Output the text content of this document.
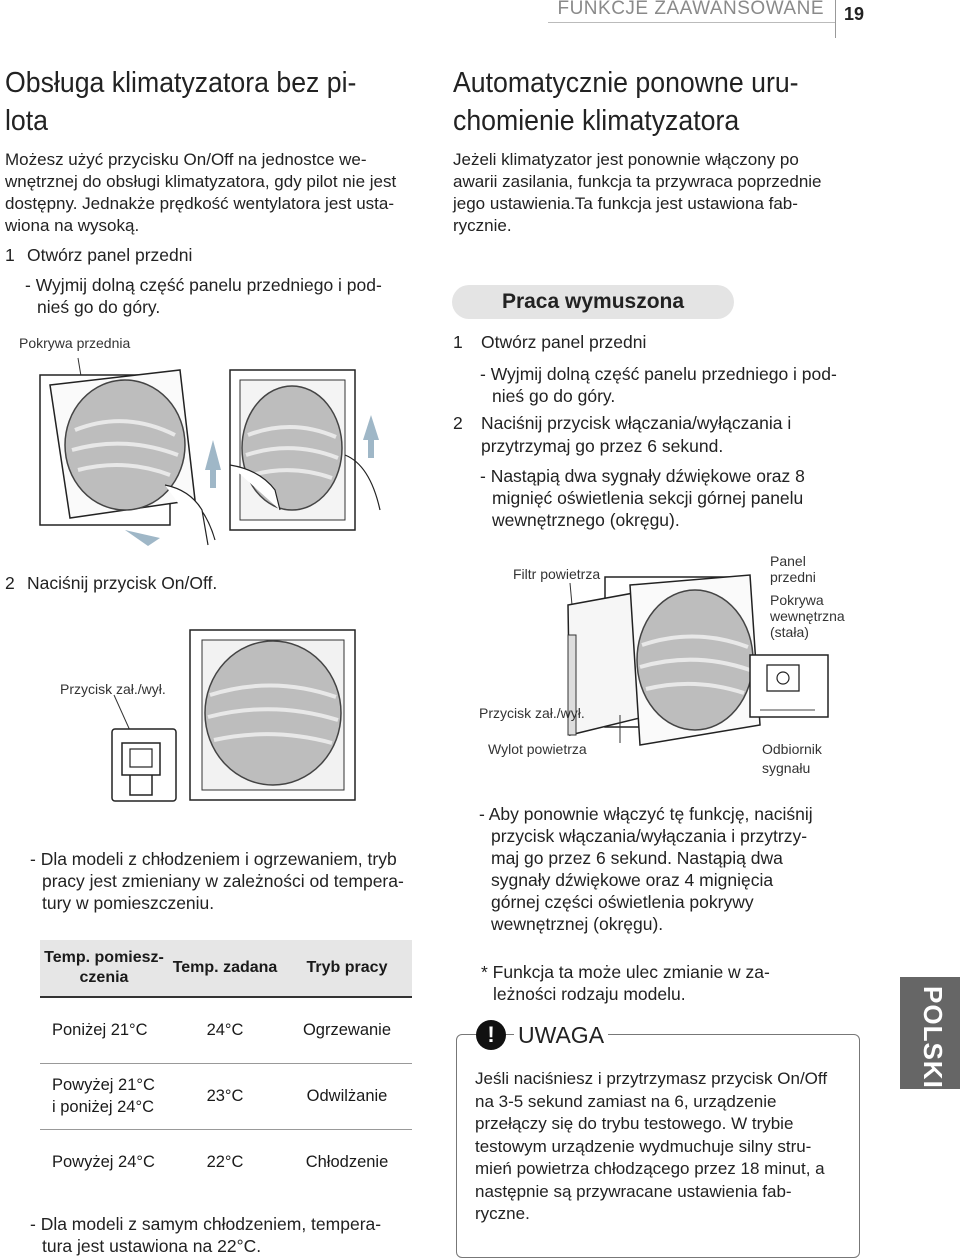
FUNKCJE ZAAWANSOWANE 19
Obsługa klimatyzatora bez pi-
lota
Możesz użyć przycisku On/Off na jednostce we-
wnętrznej do obsługi klimatyzatora, gdy pilot nie jest
dostępny. Jednakże prędkość wentylatora jest usta-
wiona na wysoką.
1 Otwórz panel przedni
- Wyjmij dolną część panelu przedniego i pod-
nieś go do góry.
Pokrywa przednia
2 Naciśnij przycisk On/Off.
Przycisk zał./wył.
- Dla modeli z chłodzeniem i ogrzewaniem, tryb
pracy jest zmieniany w zależności od tempera-
tury w pomieszczeniu.
Temp. pomiesz-
czenia	Temp. zadana	Tryb pracy
Poniżej 21°C	24°C	Ogrzewanie
Powyżej 21°C
i poniżej 24°C	23°C	Odwilżanie
Powyżej 24°C	22°C	Chłodzenie
- Dla modeli z samym chłodzeniem, tempera-
tura jest ustawiona na 22°C.
Automatycznie ponowne uru-
chomienie klimatyzatora
Jeżeli klimatyzator jest ponownie włączony po
awarii zasilania, funkcja ta przywraca poprzednie
jego ustawienia.Ta funkcja jest ustawiona fab-
rycznie.
Praca wymuszona
1 Otwórz panel przedni
- Wyjmij dolną część panelu przedniego i pod-
nieś go do góry.
2 Naciśnij przycisk włączania/wyłączania i
przytrzymaj go przez 6 sekund.
- Nastąpią dwa sygnały dźwiękowe oraz 8
mignięć oświetlenia sekcji górnej panelu
wewnętrznego (okręgu).
Filtr powietrza
Panel
przedni
Pokrywa
wewnętrzna
(stała)
Przycisk zał./wył.
Wylot powietrza	Odbiornik
sygnału
- Aby ponownie włączyć tę funkcję, naciśnij
przycisk włączania/wyłączania i przytrzy-
maj go przez 6 sekund. Nastąpią dwa
sygnały dźwiękowe oraz 4 mignięcia
górnej części oświetlenia pokrywy
wewnętrznej (okręgu).
* Funkcja ta może ulec zmianie w za-
leżności rodzaju modelu.
!	UWAGA
Jeśli naciśniesz i przytrzymasz przycisk On/Off
na 3-5 sekund zamiast na 6, urządzenie
przełączy się do trybu testowego. W trybie
testowym urządzenie wydmuchuje silny stru-
mień powietrza chłodzącego przez 18 minut, a
następnie są przywracane ustawienia fab-
ryczne.
POLSKI
